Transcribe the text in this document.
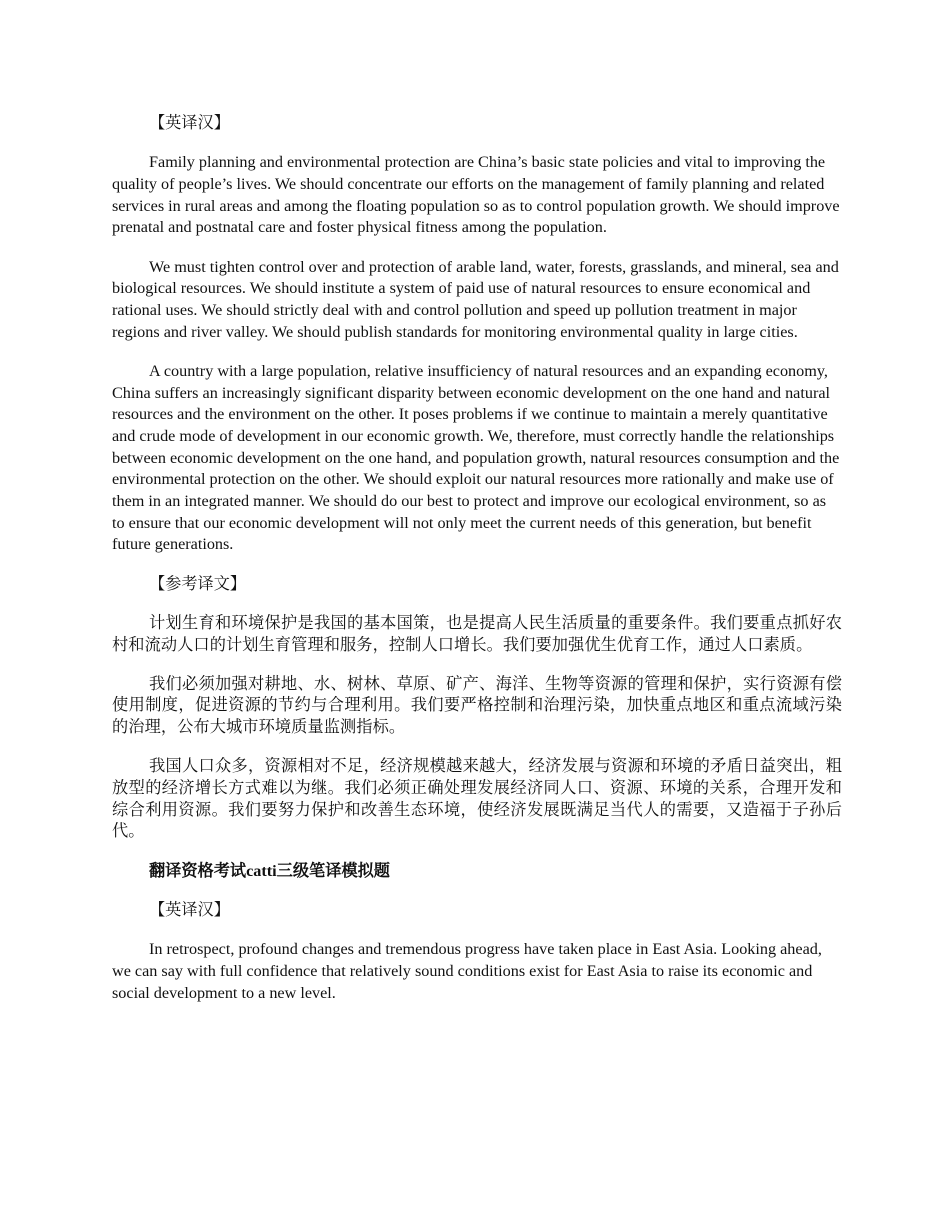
【英译汉】

Family planning and environmental protection are China’s basic state policies and vital to improving the quality of people’s lives. We should concentrate our efforts on the management of family planning and related services in rural areas and among the floating population so as to control population growth. We should improve prenatal and postnatal care and foster physical fitness among the population.

We must tighten control over and protection of arable land, water, forests, grasslands, and mineral, sea and biological resources. We should institute a system of paid use of natural resources to ensure economical and rational uses. We should strictly deal with and control pollution and speed up pollution treatment in major regions and river valley. We should publish standards for monitoring environmental quality in large cities.

A country with a large population, relative insufficiency of natural resources and an expanding economy, China suffers an increasingly significant disparity between economic development on the one hand and natural resources and the environment on the other. It poses problems if we continue to maintain a merely quantitative and crude mode of development in our economic growth. We, therefore, must correctly handle the relationships between economic development on the one hand, and population growth, natural resources consumption and the environmental protection on the other. We should exploit our natural resources more rationally and make use of them in an integrated manner. We should do our best to protect and improve our ecological environment, so as to ensure that our economic development will not only meet the current needs of this generation, but benefit future generations.

【参考译文】

计划生育和环境保护是我国的基本国策，也是提高人民生活质量的重要条件。我们要重点抓好农村和流动人口的计划生育管理和服务，控制人口增长。我们要加强优生优育工作，通过人口素质。

我们必须加强对耕地、水、树林、草原、矿产、海洋、生物等资源的管理和保护，实行资源有偿使用制度，促进资源的节约与合理利用。我们要严格控制和治理污染，加快重点地区和重点流域污染的治理，公布大城市环境质量监测指标。

我国人口众多，资源相对不足，经济规模越来越大，经济发展与资源和环境的矛盾日益突出，粗放型的经济增长方式难以为继。我们必须正确处理发展经济同人口、资源、环境的关系，合理开发和综合利用资源。我们要努力保护和改善生态环境，使经济发展既满足当代人的需要，又造福于子孙后代。

翻译资格考试catti三级笔译模拟题

【英译汉】

In retrospect, profound changes and tremendous progress have taken place in East Asia. Looking ahead, we can say with full confidence that relatively sound conditions exist for East Asia to raise its economic and social development to a new level.
